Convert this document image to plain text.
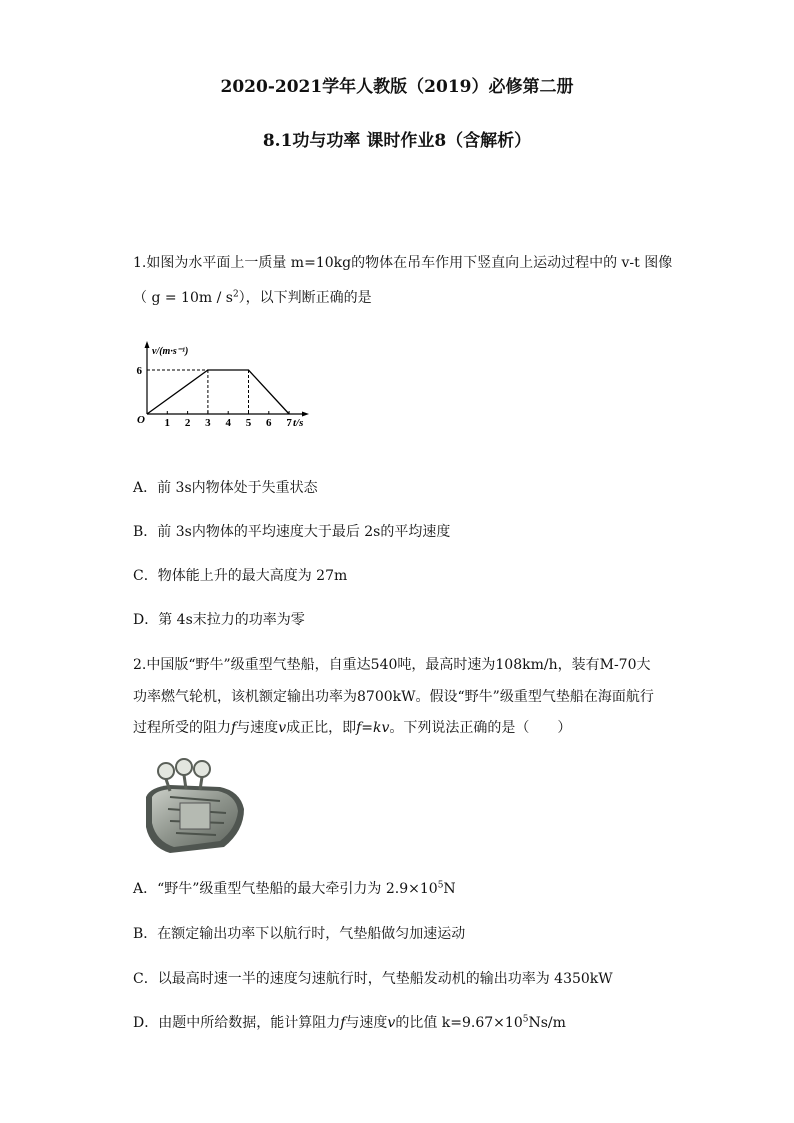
2020-2021学年人教版（2019）必修第二册
8.1功与功率 课时作业8（含解析）
1.如图为水平面上一质量 m=10kg的物体在吊车作用下竖直向上运动过程中的 v-t 图像
（ $g = 10m / s^2$），以下判断正确的是
v/(m·s⁻¹)
O	t/s
1 2 3 4 5 6 7
6
A．前 3s内物体处于失重状态
B．前 3s内物体的平均速度大于最后 2s的平均速度
C．物体能上升的最大高度为 27m
D．第 4s末拉力的功率为零
2.中国版“野牛”级重型气垫船，自重达540吨，最高时速为108km/h，装有M-70大
功率燃气轮机，该机额定输出功率为8700kW。假设“野牛”级重型气垫船在海面航行
过程所受的阻力f与速度v成正比，即f=kv。下列说法正确的是（　　）
A．“野牛”级重型气垫船的最大牵引力为 $2.9\times 10^5N$
B．在额定输出功率下以航行时，气垫船做匀加速运动
C．以最高时速一半的速度匀速航行时，气垫船发动机的输出功率为 4350kW
D．由题中所给数据，能计算阻力f与速度v的比值 $k=9.67\times 10^5Ns/m$
